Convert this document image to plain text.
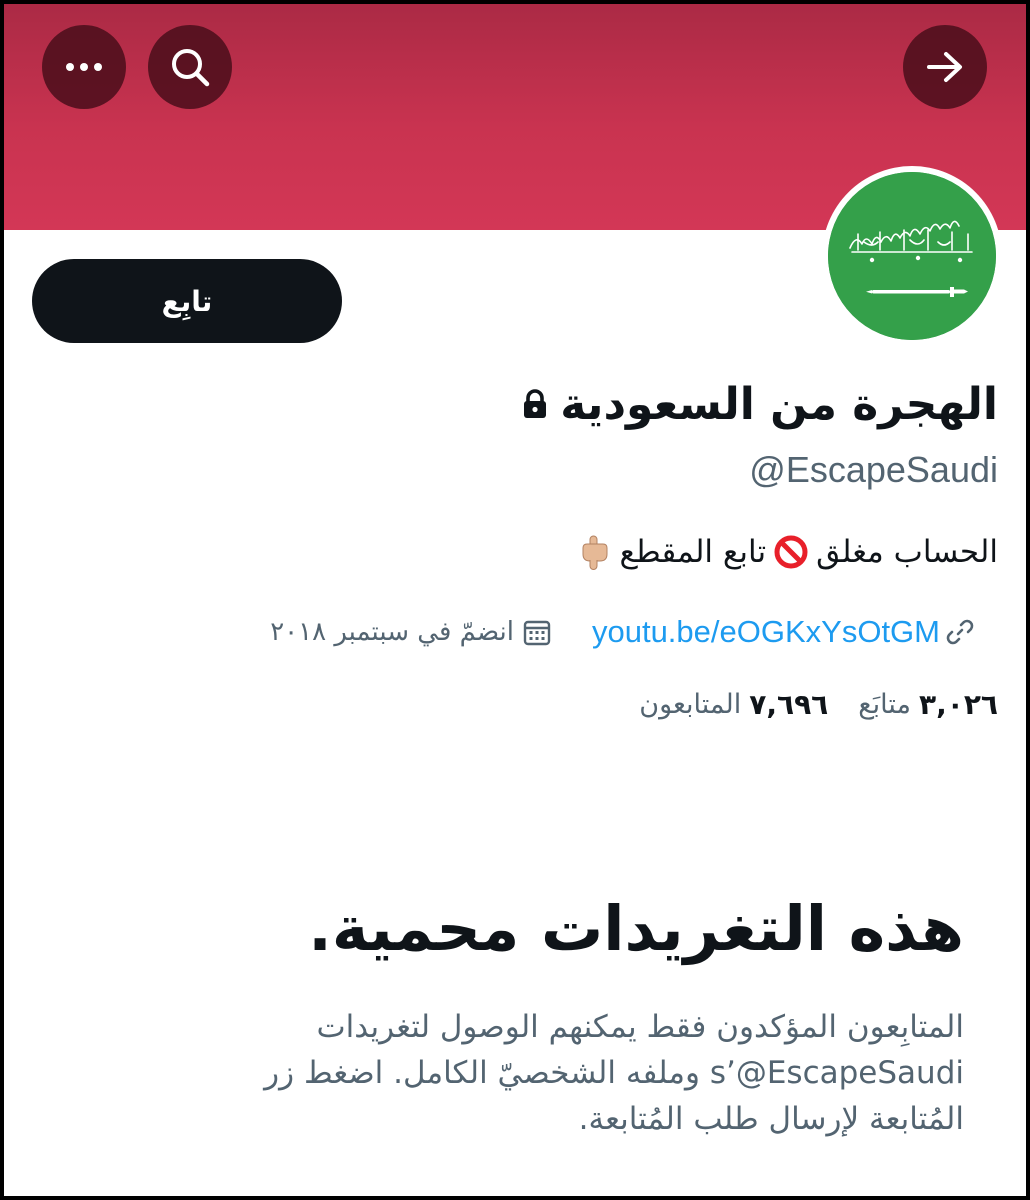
تابِع
الهجرة من السعودية
@EscapeSaudi
الحساب مغلق
تابع المقطع
انضمّ في سبتمبر ٢٠١٨	youtu.be/eOGKxYsOtGM
٣,٠٢٦
متابَع
٧,٦٩٦
المتابعون
هذه التغريدات محمية.
المتابِعون المؤكدون فقط يمكنهم الوصول لتغريدات s’@EscapeSaudi وملفه الشخصيّ الكامل. اضغط زر المُتابعة لإرسال طلب المُتابعة.
